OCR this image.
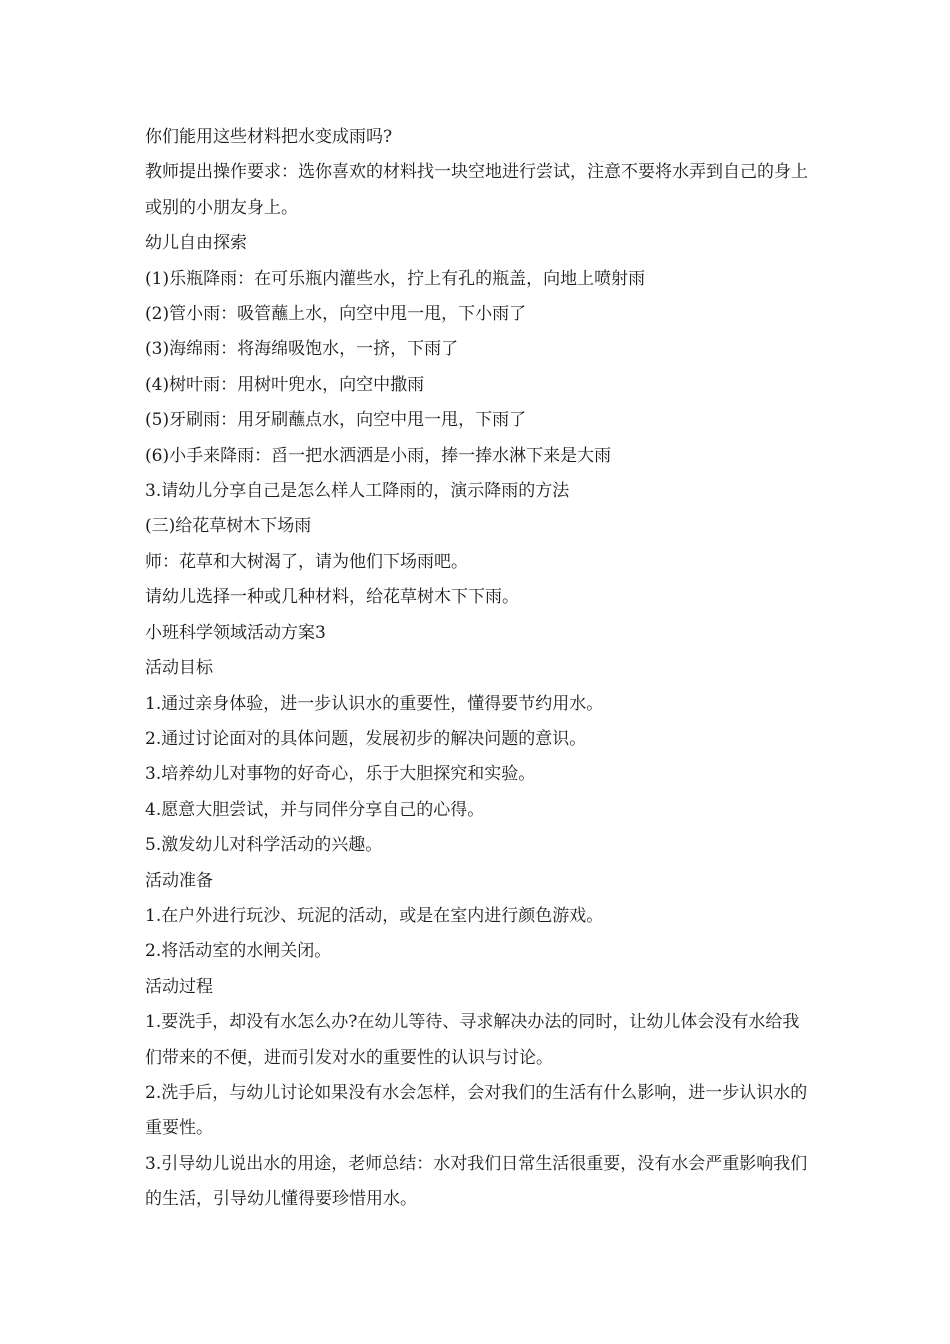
你们能用这些材料把水变成雨吗?

教师提出操作要求：选你喜欢的材料找一块空地进行尝试，注意不要将水弄到自己的身上或别的小朋友身上。

幼儿自由探索

(1)乐瓶降雨：在可乐瓶内灌些水，拧上有孔的瓶盖，向地上喷射雨

(2)管小雨：吸管蘸上水，向空中甩一甩，下小雨了

(3)海绵雨：将海绵吸饱水，一挤，下雨了

(4)树叶雨：用树叶兜水，向空中撒雨

(5)牙刷雨：用牙刷蘸点水，向空中甩一甩，下雨了

(6)小手来降雨：舀一把水洒洒是小雨，捧一捧水淋下来是大雨

3.请幼儿分享自己是怎么样人工降雨的，演示降雨的方法

(三)给花草树木下场雨

师：花草和大树渴了，请为他们下场雨吧。

请幼儿选择一种或几种材料，给花草树木下下雨。

小班科学领域活动方案3

活动目标

1.通过亲身体验，进一步认识水的重要性，懂得要节约用水。

2.通过讨论面对的具体问题，发展初步的解决问题的意识。

3.培养幼儿对事物的好奇心，乐于大胆探究和实验。

4.愿意大胆尝试，并与同伴分享自己的心得。

5.激发幼儿对科学活动的兴趣。

活动准备

1.在户外进行玩沙、玩泥的活动，或是在室内进行颜色游戏。

2.将活动室的水闸关闭。

活动过程

1.要洗手，却没有水怎么办?在幼儿等待、寻求解决办法的同时，让幼儿体会没有水给我们带来的不便，进而引发对水的重要性的认识与讨论。

2.洗手后，与幼儿讨论如果没有水会怎样，会对我们的生活有什么影响，进一步认识水的重要性。

3.引导幼儿说出水的用途，老师总结：水对我们日常生活很重要，没有水会严重影响我们的生活，引导幼儿懂得要珍惜用水。
